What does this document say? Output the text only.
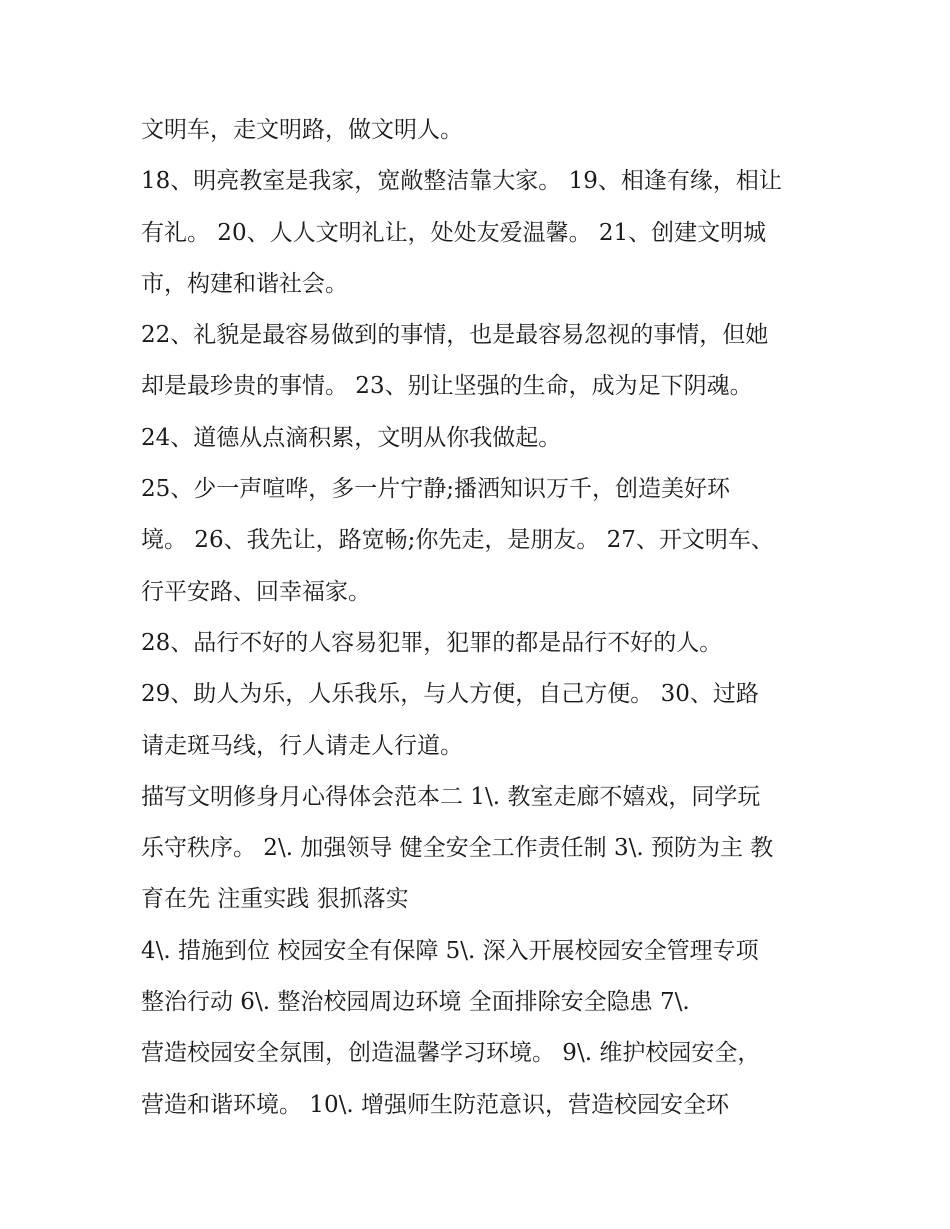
文明车，走文明路，做文明人。
18、明亮教室是我家，宽敞整洁靠大家。 19、相逢有缘，相让
有礼。 20、人人文明礼让，处处友爱温馨。 21、创建文明城
市，构建和谐社会。
22、礼貌是最容易做到的事情，也是最容易忽视的事情，但她
却是最珍贵的事情。 23、别让坚强的生命，成为足下阴魂。
24、道德从点滴积累，文明从你我做起。
25、少一声喧哗，多一片宁静;播洒知识万千，创造美好环
境。 26、我先让，路宽畅;你先走，是朋友。 27、开文明车、
行平安路、回幸福家。
28、品行不好的人容易犯罪，犯罪的都是品行不好的人。
29、助人为乐，人乐我乐，与人方便，自己方便。 30、过路
请走斑马线，行人请走人行道。
描写文明修身月心得体会范本二 1\. 教室走廊不嬉戏，同学玩
乐守秩序。 2\. 加强领导 健全安全工作责任制 3\. 预防为主 教
育在先 注重实践 狠抓落实
4\. 措施到位 校园安全有保障 5\. 深入开展校园安全管理专项
整治行动 6\. 整治校园周边环境 全面排除安全隐患 7\.
营造校园安全氛围，创造温馨学习环境。 9\. 维护校园安全，
营造和谐环境。 10\. 增强师生防范意识，营造校园安全环
